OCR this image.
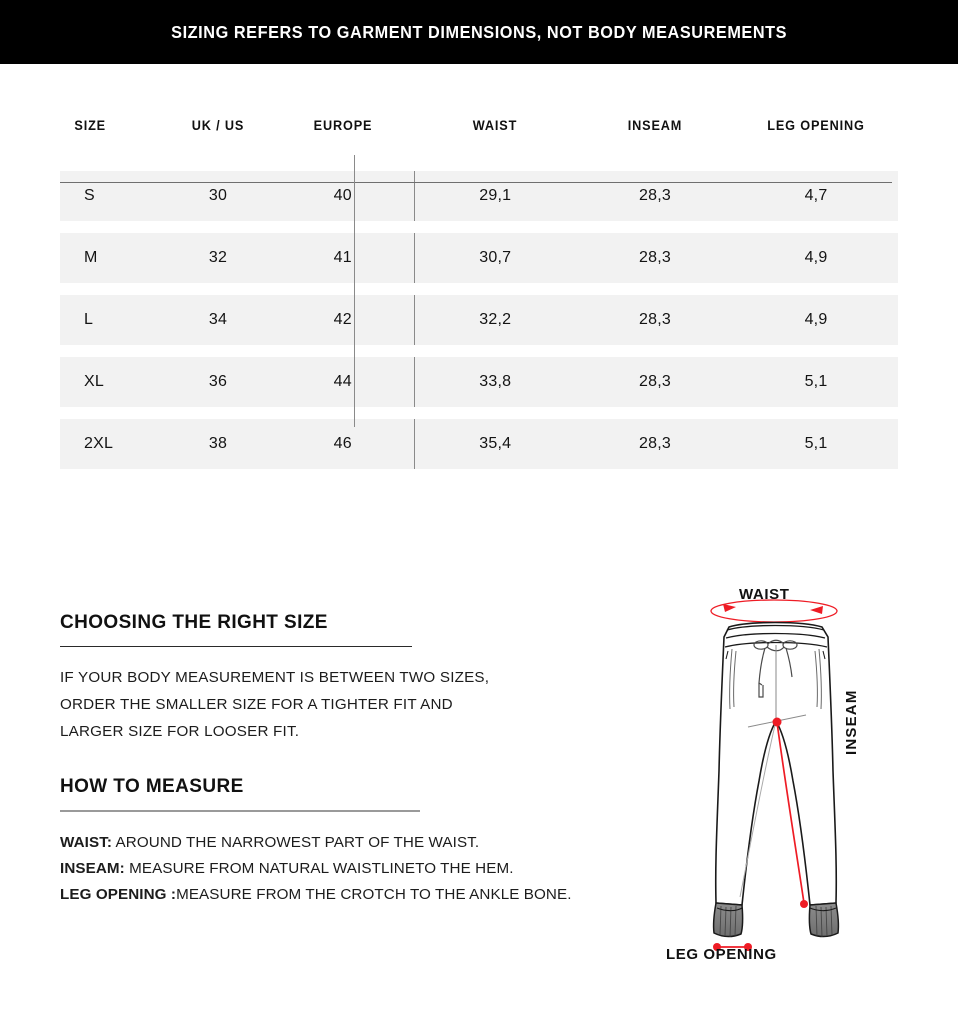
SIZING REFERS TO GARMENT DIMENSIONS, NOT BODY MEASUREMENTS
SIZE	UK / US	EUROPE	WAIST	INSEAM	LEG OPENING
S	30	40	29,1	28,3	4,7

M	32	41	30,7	28,3	4,9

L	34	42	32,2	28,3	4,9

XL	36	44	33,8	28,3	5,1

2XL	38	46	35,4	28,3	5,1
CHOOSING THE RIGHT SIZE

IF YOUR BODY MEASUREMENT IS BETWEEN TWO SIZES,
ORDER THE SMALLER SIZE FOR A TIGHTER FIT AND
LARGER SIZE FOR LOOSER FIT.

HOW TO MEASURE
WAIST: AROUND THE NARROWEST PART OF THE WAIST.
INSEAM: MEASURE FROM NATURAL WAISTLINETO THE HEM.
LEG OPENING :MEASURE FROM THE CROTCH TO THE ANKLE BONE.
WAIST
INSEAM
LEG OPENING
